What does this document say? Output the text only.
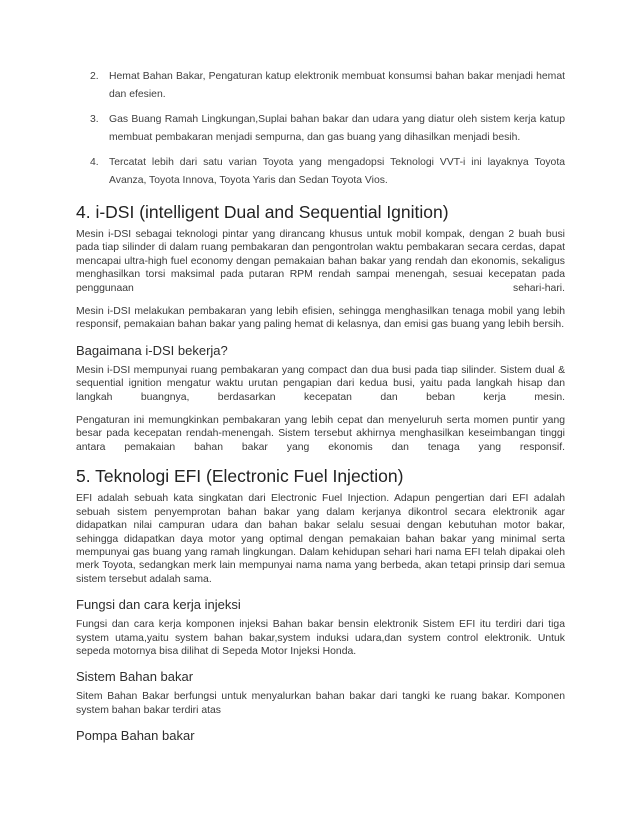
2. Hemat Bahan Bakar, Pengaturan katup elektronik membuat konsumsi bahan bakar menjadi hemat dan efesien.
3. Gas Buang Ramah Lingkungan,Suplai bahan bakar dan udara yang diatur oleh sistem kerja katup membuat pembakaran menjadi sempurna, dan gas buang yang dihasilkan menjadi besih.
4. Tercatat lebih dari satu varian Toyota yang mengadopsi Teknologi VVT-i ini layaknya Toyota Avanza, Toyota Innova, Toyota Yaris dan Sedan Toyota Vios.
4. i-DSI (intelligent Dual and Sequential Ignition)

Mesin i-DSI sebagai teknologi pintar yang dirancang khusus untuk mobil kompak, dengan 2 buah busi pada tiap silinder di dalam ruang pembakaran dan pengontrolan waktu pembakaran secara cerdas, dapat mencapai ultra-high fuel economy dengan pemakaian bahan bakar yang rendah dan ekonomis, sekaligus menghasilkan torsi maksimal pada putaran RPM rendah sampai menengah, sesuai kecepatan pada penggunaan sehari-hari.

Mesin i-DSI melakukan pembakaran yang lebih efisien, sehingga menghasilkan tenaga mobil yang lebih responsif, pemakaian bahan bakar yang paling hemat di kelasnya, dan emisi gas buang yang lebih bersih.

Bagaimana i-DSI bekerja?

Mesin i-DSI mempunyai ruang pembakaran yang compact dan dua busi pada tiap silinder. Sistem dual & sequential ignition mengatur waktu urutan pengapian dari kedua busi, yaitu pada langkah hisap dan langkah buangnya, berdasarkan kecepatan dan beban kerja mesin.

Pengaturan ini memungkinkan pembakaran yang lebih cepat dan menyeluruh serta momen puntir yang besar pada kecepatan rendah-menengah. Sistem tersebut akhirnya menghasilkan keseimbangan tinggi antara pemakaian bahan bakar yang ekonomis dan tenaga yang responsif.

5. Teknologi EFI (Electronic Fuel Injection)

EFI adalah sebuah kata singkatan dari Electronic Fuel Injection. Adapun pengertian dari EFI adalah sebuah sistem penyemprotan bahan bakar yang dalam kerjanya dikontrol secara elektronik agar didapatkan nilai campuran udara dan bahan bakar selalu sesuai dengan kebutuhan motor bakar, sehingga didapatkan daya motor yang optimal dengan pemakaian bahan bakar yang minimal serta mempunyai gas buang yang ramah lingkungan. Dalam kehidupan sehari hari nama EFI telah dipakai oleh merk Toyota, sedangkan merk lain mempunyai nama nama yang berbeda, akan tetapi prinsip dari semua sistem tersebut adalah sama.

Fungsi dan cara kerja injeksi

Fungsi dan cara kerja komponen injeksi Bahan bakar bensin elektronik Sistem EFI itu terdiri dari tiga system utama,yaitu system bahan bakar,system induksi udara,dan system control elektronik. Untuk sepeda motornya bisa dilihat di Sepeda Motor Injeksi Honda.

Sistem Bahan bakar

Sitem Bahan Bakar berfungsi untuk menyalurkan bahan bakar dari tangki ke ruang bakar. Komponen system bahan bakar terdiri atas

Pompa Bahan bakar
